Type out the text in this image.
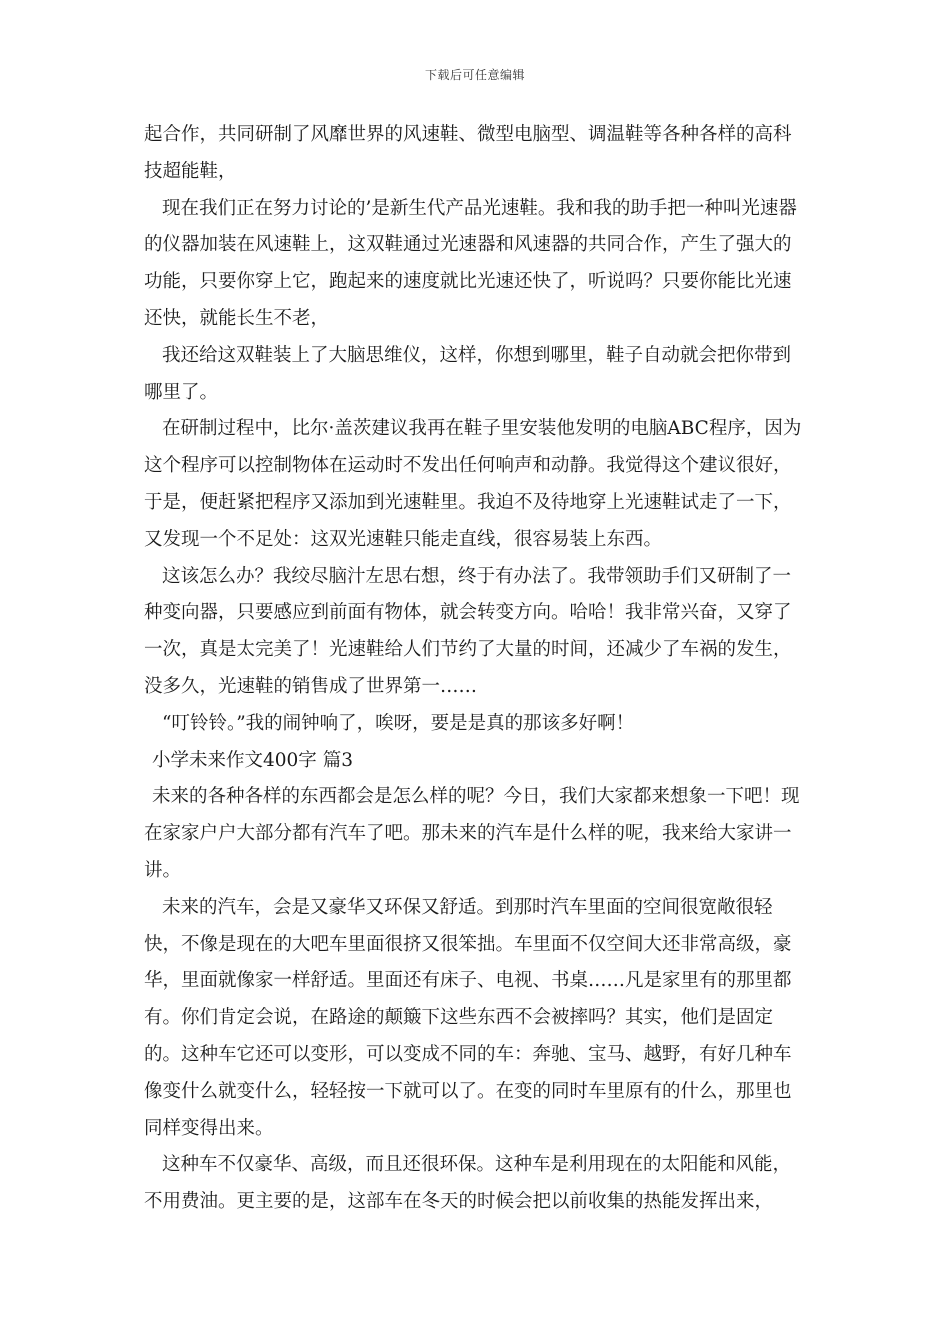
下载后可任意编辑

起合作，共同研制了风靡世界的风速鞋、微型电脑型、调温鞋等各种各样的高科技超能鞋，

现在我们正在努力讨论的’是新生代产品光速鞋。我和我的助手把一种叫光速器的仪器加装在风速鞋上，这双鞋通过光速器和风速器的共同合作，产生了强大的功能，只要你穿上它，跑起来的速度就比光速还快了，听说吗？只要你能比光速还快，就能长生不老，

我还给这双鞋装上了大脑思维仪，这样，你想到哪里，鞋子自动就会把你带到哪里了。

在研制过程中，比尔·盖茨建议我再在鞋子里安装他发明的电脑ABC程序，因为这个程序可以控制物体在运动时不发出任何响声和动静。我觉得这个建议很好，于是，便赶紧把程序又添加到光速鞋里。我迫不及待地穿上光速鞋试走了一下，又发现一个不足处：这双光速鞋只能走直线，很容易装上东西。

这该怎么办？我绞尽脑汁左思右想，终于有办法了。我带领助手们又研制了一种变向器，只要感应到前面有物体，就会转变方向。哈哈！我非常兴奋，又穿了一次，真是太完美了！光速鞋给人们节约了大量的时间，还减少了车祸的发生，没多久，光速鞋的销售成了世界第一……

“叮铃铃。”我的闹钟响了，唉呀，要是是真的那该多好啊！

小学未来作文400字 篇3

未来的各种各样的东西都会是怎么样的呢？今日，我们大家都来想象一下吧！现在家家户户大部分都有汽车了吧。那未来的汽车是什么样的呢，我来给大家讲一讲。

未来的汽车，会是又豪华又环保又舒适。到那时汽车里面的空间很宽敞很轻快，不像是现在的大吧车里面很挤又很笨拙。车里面不仅空间大还非常高级，豪华，里面就像家一样舒适。里面还有床子、电视、书桌……凡是家里有的那里都有。你们肯定会说，在路途的颠簸下这些东西不会被摔吗？其实，他们是固定的。这种车它还可以变形，可以变成不同的车：奔驰、宝马、越野，有好几种车像变什么就变什么，轻轻按一下就可以了。在变的同时车里原有的什么，那里也同样变得出来。

这种车不仅豪华、高级，而且还很环保。这种车是利用现在的太阳能和风能，不用费油。更主要的是，这部车在冬天的时候会把以前收集的热能发挥出来，
